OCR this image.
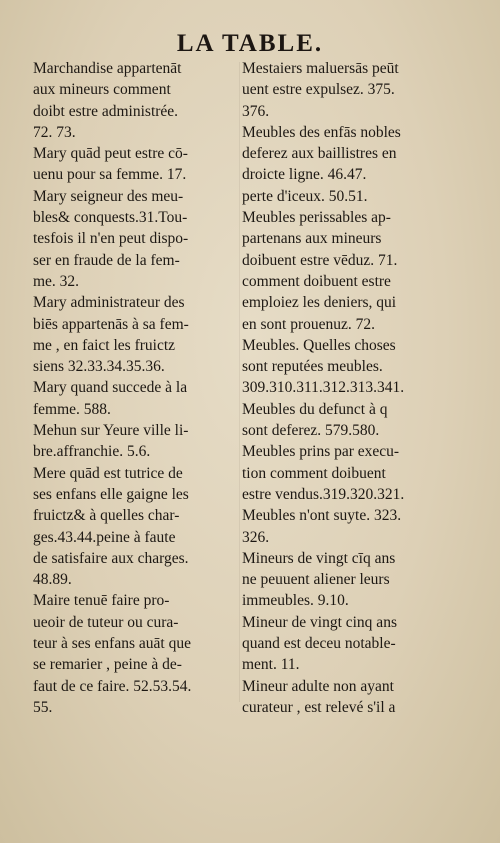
LA TABLE.
Marchandise appartenāt
aux mineurs comment
doibt estre administrée.
72. 73.
Mary quād peut estre cō-
uenu pour sa femme. 17.
Mary seigneur des meu-
bles& conquests.31.Tou-
tesfois il n'en peut dispo-
ser en fraude de la fem-
me. 32.
Mary administrateur des
biēs appartenās à sa fem-
me , en faict les fruictz
siens 32.33.34.35.36.
Mary quand succede à la
femme. 588.
Mehun sur Yeure ville li-
bre.affranchie. 5.6.
Mere quād est tutrice de
ses enfans elle gaigne les
fruictz& à quelles char-
ges.43.44.peine à faute
de satisfaire aux charges.
48.89.
Maire tenuē faire pro-
ueoir de tuteur ou cura-
teur à ses enfans auāt que
se remarier , peine à de-
faut de ce faire. 52.53.54.
55.
Mestaiers maluersās peūt
uent estre expulsez. 375.
376.
Meubles des enfās nobles
deferez aux baillistres en
droicte ligne. 46.47.
perte d'iceux. 50.51.
Meubles perissables ap-
partenans aux mineurs
doibuent estre vēduz. 71.
comment doibuent estre
emploiez les deniers, qui
en sont prouenuz. 72.
Meubles. Quelles choses
sont reputées meubles.
309.310.311.312.313.341.
Meubles du defunct à q
sont deferez. 579.580.
Meubles prins par execu-
tion comment doibuent
estre vendus.319.320.321.
Meubles n'ont suyte. 323.
326.
Mineurs de vingt cīq ans
ne peuuent aliener leurs
immeubles. 9.10.
Mineur de vingt cinq ans
quand est deceu notable-
ment. 11.
Mineur adulte non ayant
curateur , est relevé s'il a
